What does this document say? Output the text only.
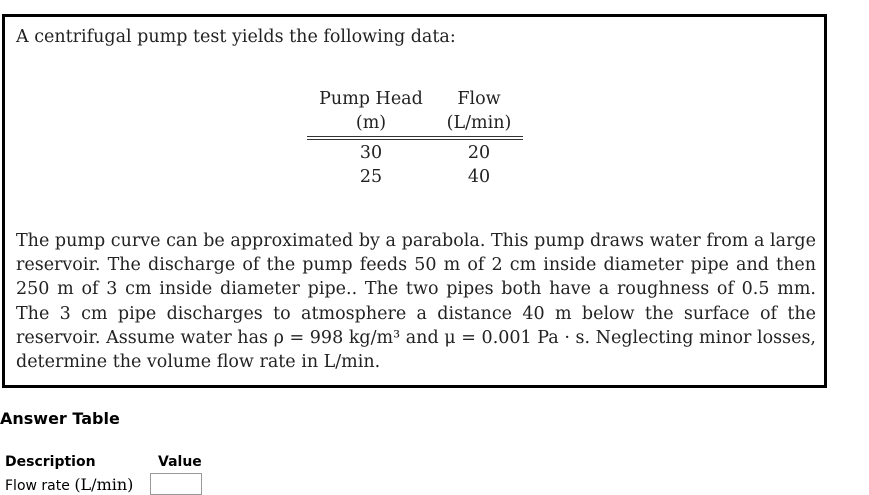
A centrifugal pump test yields the following data:
Pump Head	Flow
(m)	(L/min)
30	20
25	40
The pump curve can be approximated by a parabola. This pump draws water from a large reservoir. The discharge of the pump feeds 50 m of 2 cm inside diameter pipe and then 250 m of 3 cm inside diameter pipe.. The two pipes both have a roughness of 0.5 mm. The 3 cm pipe discharges to atmosphere a distance 40 m below the surface of the reservoir. Assume water has ρ = 998 kg/m³ and μ = 0.001 Pa · s. Neglecting minor losses, determine the volume flow rate in L/min.
Answer Table
Description	Value
Flow rate (L/min)
